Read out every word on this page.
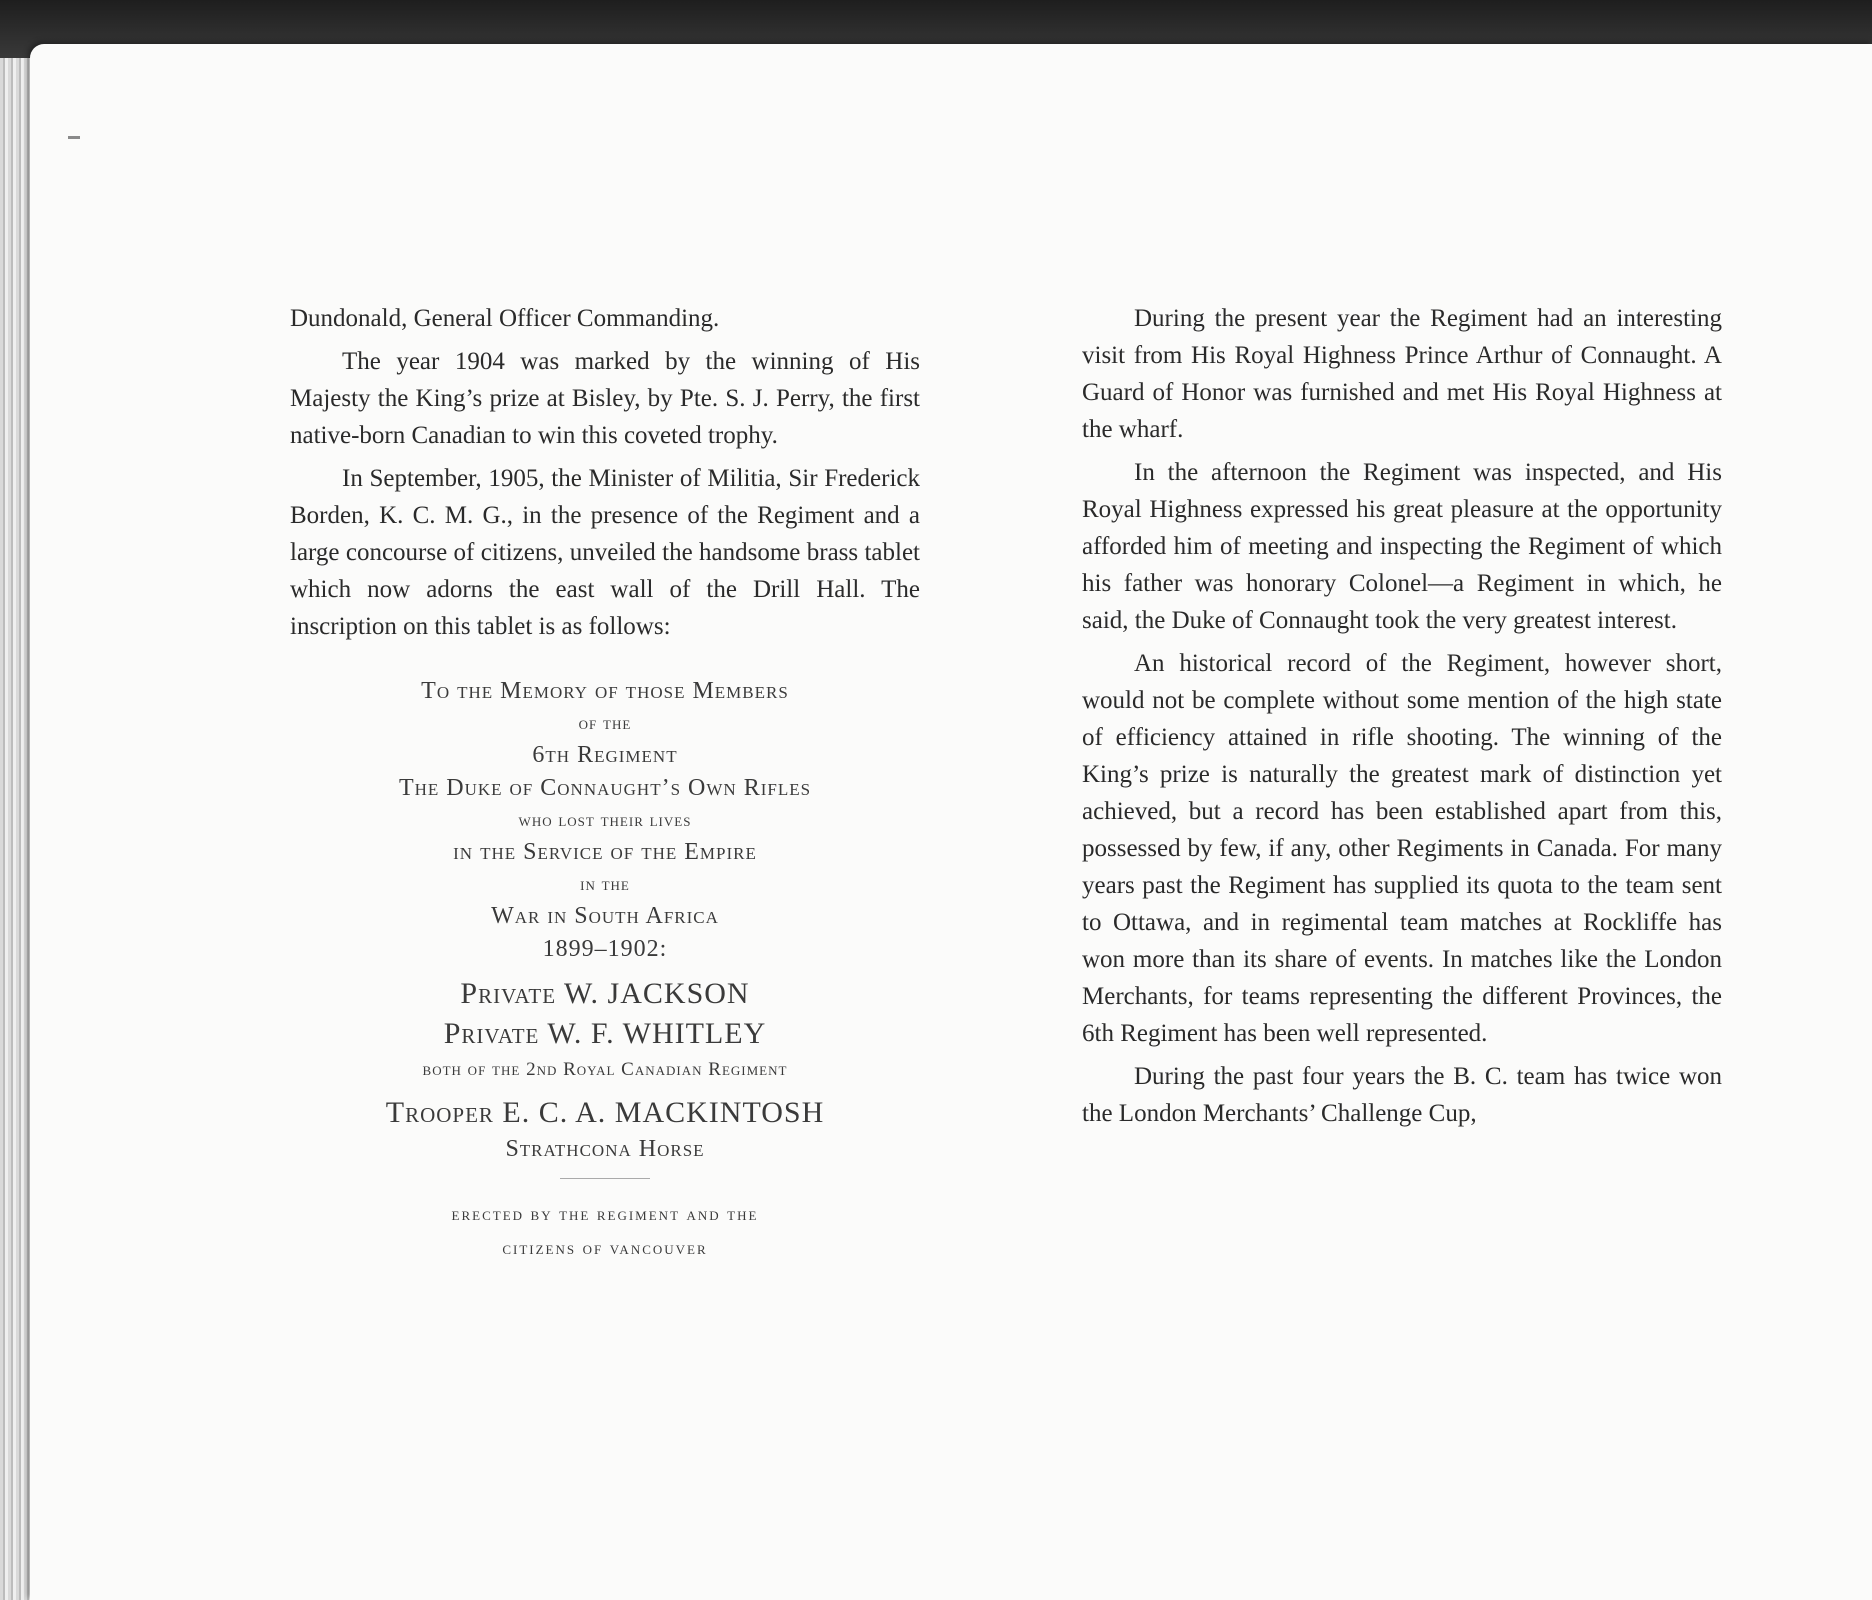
Dundonald, General Officer Commanding.

The year 1904 was marked by the winning of His Majesty the King’s prize at Bisley, by Pte. S. J. Perry, the first native-born Canadian to win this coveted trophy.

In September, 1905, the Minister of Militia, Sir Frederick Borden, K. C. M. G., in the presence of the Regiment and a large concourse of citizens, unveiled the handsome brass tablet which now adorns the east wall of the Drill Hall. The inscription on this tablet is as follows:

To the Memory of those Members
of the
6th Regiment
The Duke of Connaught’s Own Rifles
who lost their lives
in the Service of the Empire
in the
War in South Africa
1899–1902:
Private W. JACKSON
Private W. F. WHITLEY
both of the 2nd Royal Canadian Regiment
Trooper E. C. A. MACKINTOSH
Strathcona Horse
erected by the regiment and the
citizens of vancouver

During the present year the Regiment had an interesting visit from His Royal Highness Prince Arthur of Connaught. A Guard of Honor was furnished and met His Royal Highness at the wharf.

In the afternoon the Regiment was inspected, and His Royal Highness expressed his great pleasure at the opportunity afforded him of meeting and inspecting the Regiment of which his father was honorary Colonel—a Regiment in which, he said, the Duke of Connaught took the very greatest interest.

An historical record of the Regiment, however short, would not be complete without some mention of the high state of efficiency attained in rifle shooting. The winning of the King’s prize is naturally the greatest mark of distinction yet achieved, but a record has been established apart from this, possessed by few, if any, other Regiments in Canada. For many years past the Regiment has supplied its quota to the team sent to Ottawa, and in regimental team matches at Rockliffe has won more than its share of events. In matches like the London Merchants, for teams representing the different Provinces, the 6th Regiment has been well represented.

During the past four years the B. C. team has twice won the London Merchants’ Challenge Cup,
